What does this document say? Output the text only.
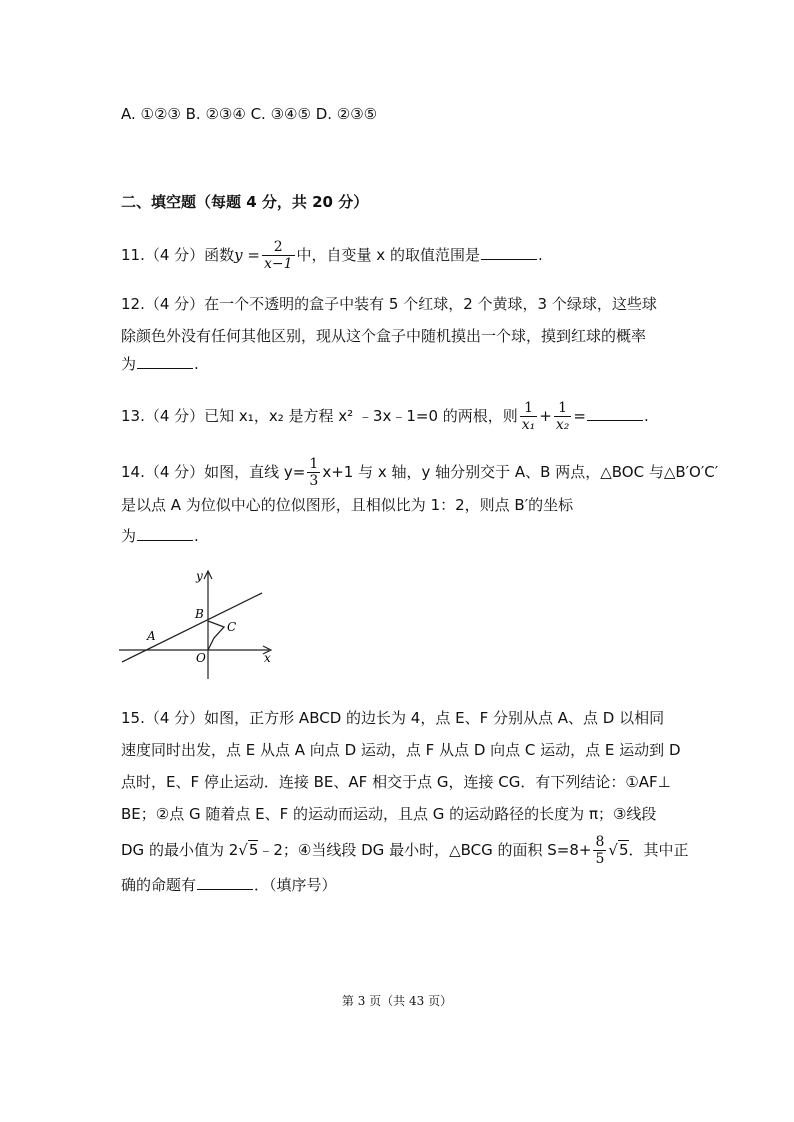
A. ①②③ B. ②③④ C. ③④⑤ D. ②③⑤
二、填空题（每题 4 分，共 20 分）
11.（4 分）函数$y = \frac{2}{x-1}$ 中，自变量 x 的取值范围是	.
12.（4 分）在一个不透明的盒子中装有 5 个红球，2 个黄球，3 个绿球，这些球
除颜色外没有任何其他区别，现从这个盒子中随机摸出一个球，摸到红球的概率
为	.
13.（4 分）已知 x₁，x₂ 是方程 x² ﹣3x﹣1=0 的两根，则 $\frac{1}{\text{x₁}} + \frac{1}{\text{x₂}}$ =	.
14.（4 分）如图，直线 $y= \frac{1}{3} x+1$ 与 x 轴，y 轴分别交于 A、B 两点，△BOC 与△B′O′C′
是以点 A 为位似中心的位似图形，且相似比为 1：2，则点 B′的坐标
为	.
y
x
B
C
A
O
15.（4 分）如图，正方形 ABCD 的边长为 4，点 E、F 分别从点 A、点 D 以相同
速度同时出发，点 E 从点 A 向点 D 运动，点 F 从点 D 向点 C 运动，点 E 运动到 D
点时，E、F 停止运动．连接 BE、AF 相交于点 G，连接 CG．有下列结论：①AF⊥
BE；②点 G 随着点 E、F 的运动而运动，且点 G 的运动路径的长度为 π；③线段
DG 的最小值为 2√5﹣2；④当线段 DG 最小时，△BCG 的面积 $S=8+ \frac{8}{5} √5$．其中正
确的命题有	．（填序号）
第 3 页（共 43 页）
